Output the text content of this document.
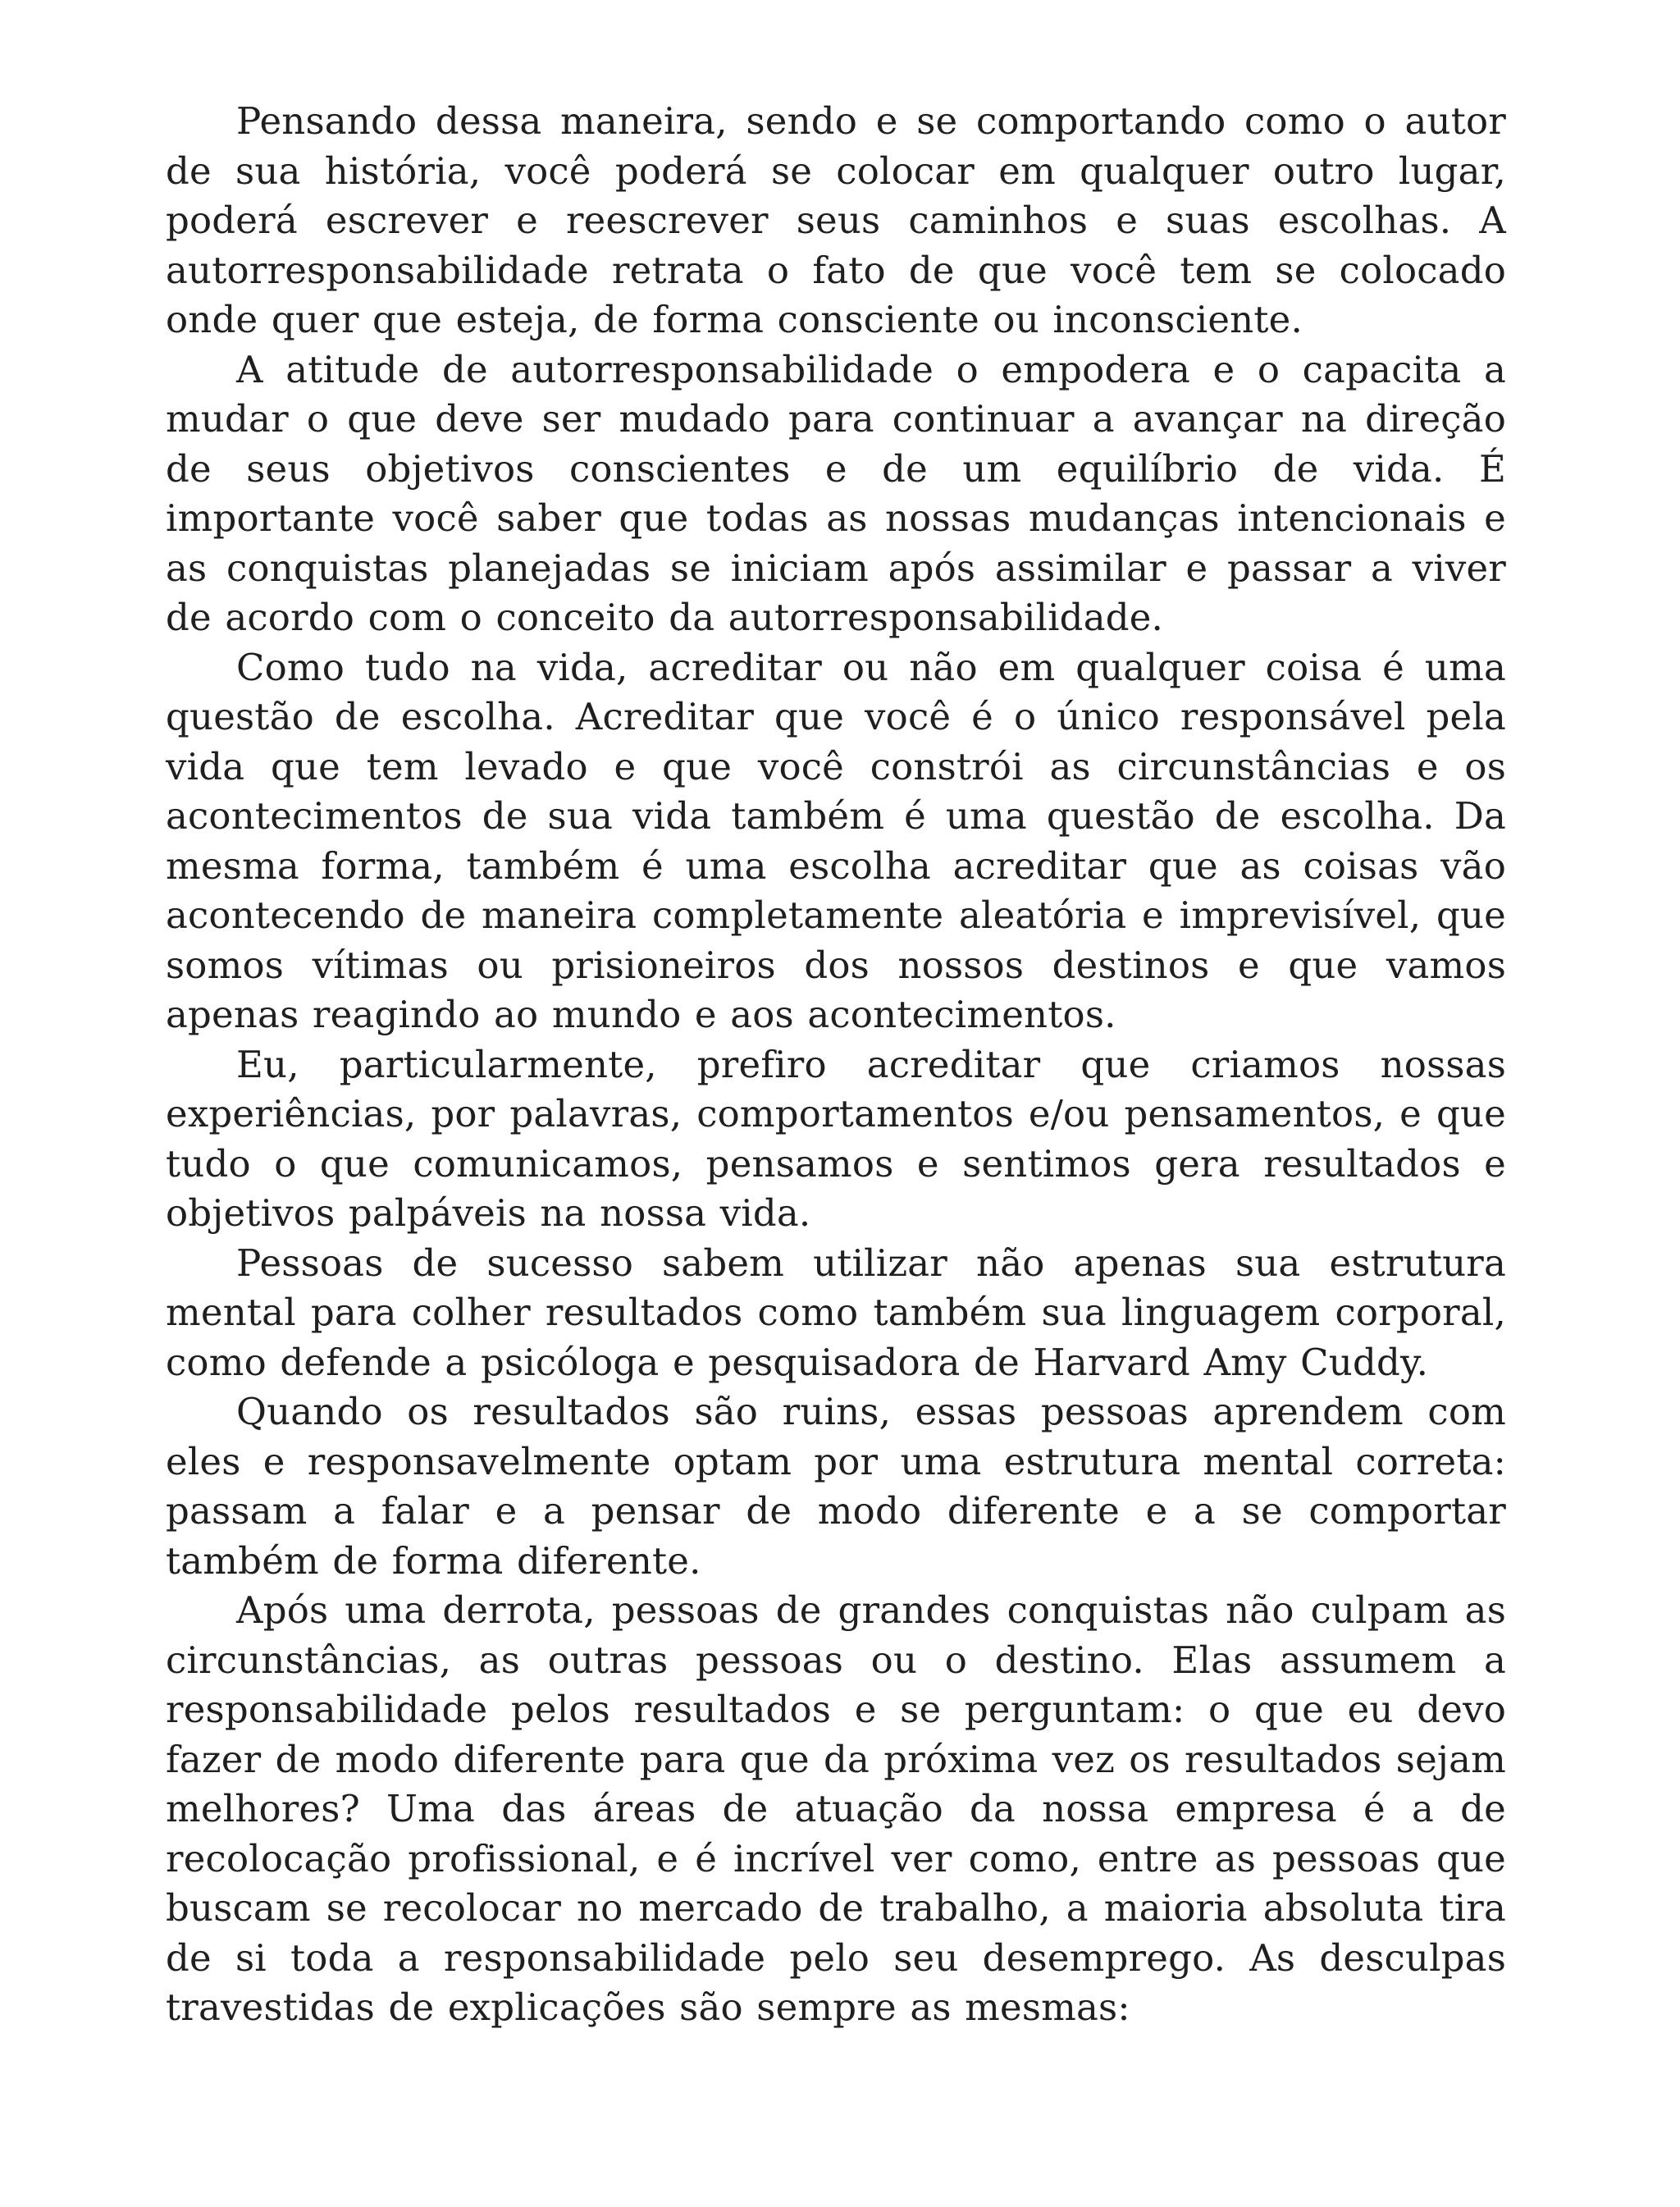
Pensando dessa maneira, sendo e se comportando como o autor de sua história, você poderá se colocar em qualquer outro lugar, poderá escrever e reescrever seus caminhos e suas escolhas. A autorresponsabilidade retrata o fato de que você tem se colocado onde quer que esteja, de forma consciente ou inconsciente.

A atitude de autorresponsabilidade o empodera e o capacita a mudar o que deve ser mudado para continuar a avançar na direção de seus objetivos conscientes e de um equilíbrio de vida. É importante você saber que todas as nossas mudanças intencionais e as conquistas planejadas se iniciam após assimilar e passar a viver de acordo com o conceito da autorresponsabilidade.

Como tudo na vida, acreditar ou não em qualquer coisa é uma questão de escolha. Acreditar que você é o único responsável pela vida que tem levado e que você constrói as circunstâncias e os acontecimentos de sua vida também é uma questão de escolha. Da mesma forma, também é uma escolha acreditar que as coisas vão acontecendo de maneira completamente aleatória e imprevisível, que somos vítimas ou prisioneiros dos nossos destinos e que vamos apenas reagindo ao mundo e aos acontecimentos.

Eu, particularmente, prefiro acreditar que criamos nossas experiências, por palavras, comportamentos e/ou pensamentos, e que tudo o que comunicamos, pensamos e sentimos gera resultados e objetivos palpáveis na nossa vida.

Pessoas de sucesso sabem utilizar não apenas sua estrutura mental para colher resultados como também sua linguagem corporal, como defende a psicóloga e pesquisadora de Harvard Amy Cuddy.

Quando os resultados são ruins, essas pessoas aprendem com eles e responsavelmente optam por uma estrutura mental correta: passam a falar e a pensar de modo diferente e a se comportar também de forma diferente.

Após uma derrota, pessoas de grandes conquistas não culpam as circunstâncias, as outras pessoas ou o destino. Elas assumem a responsabilidade pelos resultados e se perguntam: o que eu devo fazer de modo diferente para que da próxima vez os resultados sejam melhores? Uma das áreas de atuação da nossa empresa é a de recolocação profissional, e é incrível ver como, entre as pessoas que buscam se recolocar no mercado de trabalho, a maioria absoluta tira de si toda a responsabilidade pelo seu desemprego. As desculpas travestidas de explicações são sempre as mesmas:
